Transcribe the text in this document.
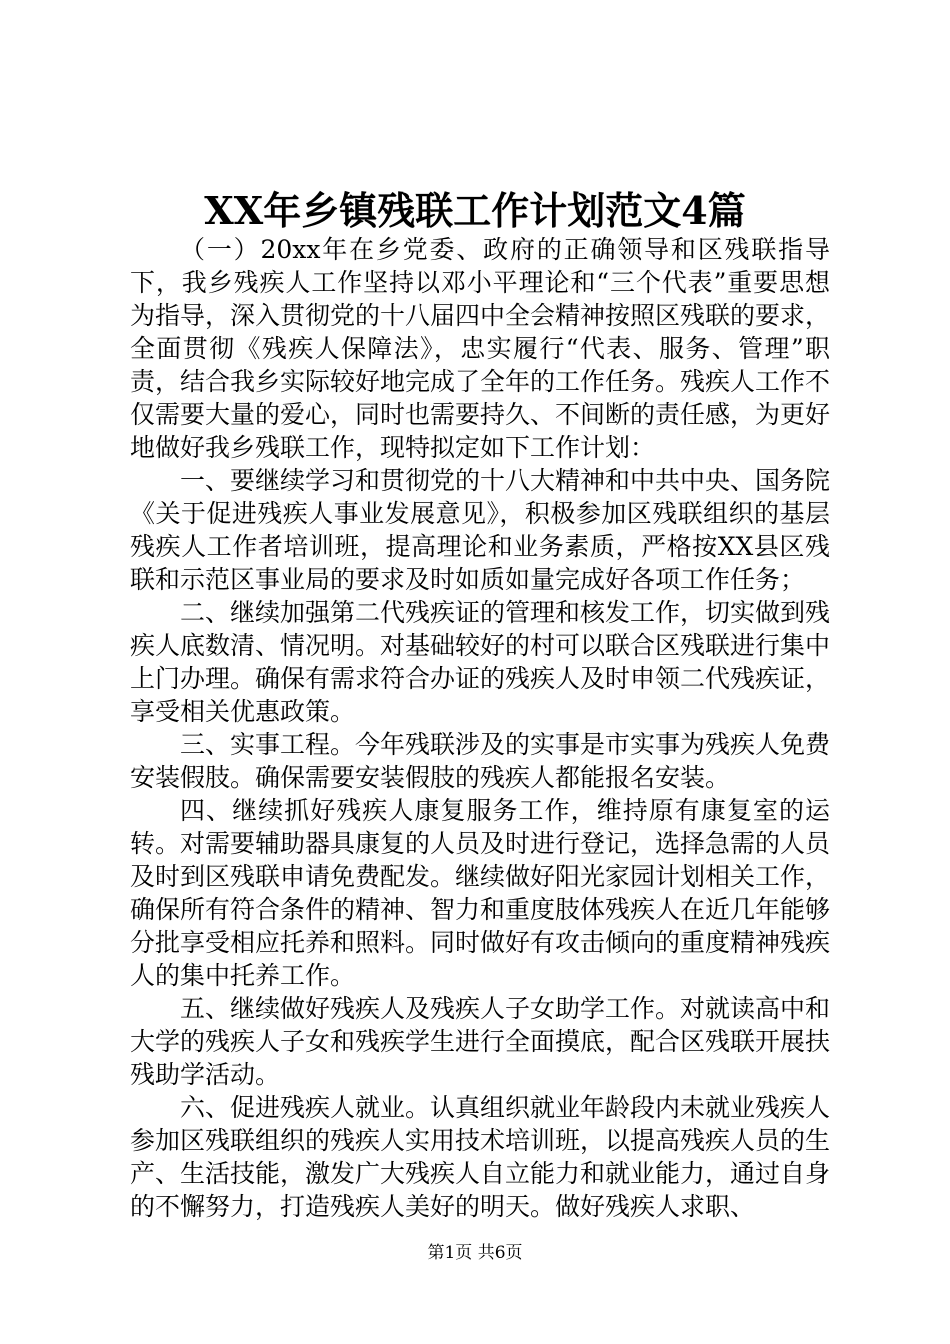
XX年乡镇残联工作计划范文4篇

（一）20xx年在乡党委、政府的正确领导和区残联指导下，我乡残疾人工作坚持以邓小平理论和“三个代表”重要思想为指导，深入贯彻党的十八届四中全会精神按照区残联的要求，全面贯彻《残疾人保障法》，忠实履行“代表、服务、管理”职责，结合我乡实际较好地完成了全年的工作任务。残疾人工作不仅需要大量的爱心，同时也需要持久、不间断的责任感，为更好地做好我乡残联工作，现特拟定如下工作计划：

一、要继续学习和贯彻党的十八大精神和中共中央、国务院《关于促进残疾人事业发展意见》，积极参加区残联组织的基层残疾人工作者培训班，提高理论和业务素质，严格按XX县区残联和示范区事业局的要求及时如质如量完成好各项工作任务；

二、继续加强第二代残疾证的管理和核发工作，切实做到残疾人底数清、情况明。对基础较好的村可以联合区残联进行集中上门办理。确保有需求符合办证的残疾人及时申领二代残疾证，享受相关优惠政策。

三、实事工程。今年残联涉及的实事是市实事为残疾人免费安装假肢。确保需要安装假肢的残疾人都能报名安装。

四、继续抓好残疾人康复服务工作，维持原有康复室的运转。对需要辅助器具康复的人员及时进行登记，选择急需的人员及时到区残联申请免费配发。继续做好阳光家园计划相关工作，确保所有符合条件的精神、智力和重度肢体残疾人在近几年能够分批享受相应托养和照料。同时做好有攻击倾向的重度精神残疾人的集中托养工作。

五、继续做好残疾人及残疾人子女助学工作。对就读高中和大学的残疾人子女和残疾学生进行全面摸底，配合区残联开展扶残助学活动。

六、促进残疾人就业。认真组织就业年龄段内未就业残疾人参加区残联组织的残疾人实用技术培训班，以提高残疾人员的生产、生活技能，激发广大残疾人自立能力和就业能力，通过自身的不懈努力，打造残疾人美好的明天。做好残疾人求职、

第1页 共6页
